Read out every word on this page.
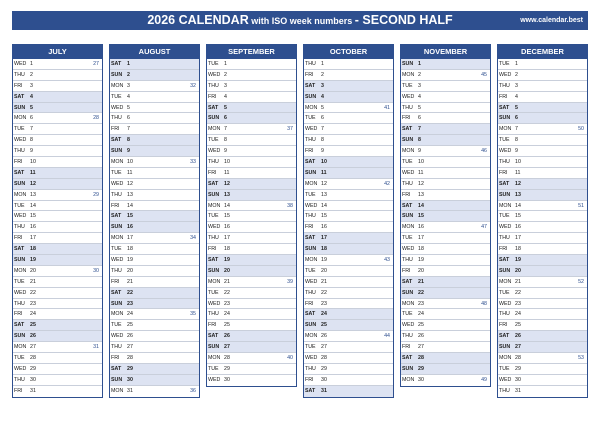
2026 CALENDAR with ISO week numbers - SECOND HALF	www.calendar.best
JULY
WED 1	27
THU 2
FRI 3
SAT 4
SUN 5
MON 6	28
TUE 7
WED 8
THU 9
FRI 10
SAT 11
SUN 12
MON 13	29
TUE 14
WED 15
THU 16
FRI 17
SAT 18
SUN 19
MON 20	30
TUE 21
WED 22
THU 23
FRI 24
SAT 25
SUN 26
MON 27	31
TUE 28
WED 29
THU 30
FRI 31
AUGUST
SAT 1
SUN 2
MON 3	32
TUE 4
WED 5
THU 6
FRI 7
SAT 8
SUN 9
MON 10	33
TUE 11
WED 12
THU 13
FRI 14
SAT 15
SUN 16
MON 17	34
TUE 18
WED 19
THU 20
FRI 21
SAT 22
SUN 23
MON 24	35
TUE 25
WED 26
THU 27
FRI 28
SAT 29
SUN 30
MON 31	36
SEPTEMBER
TUE 1
WED 2
THU 3
FRI 4
SAT 5
SUN 6
MON 7	37
TUE 8
WED 9
THU 10
FRI 11
SAT 12
SUN 13
MON 14	38
TUE 15
WED 16
THU 17
FRI 18
SAT 19
SUN 20
MON 21	39
TUE 22
WED 23
THU 24
FRI 25
SAT 26
SUN 27
MON 28	40
TUE 29
WED 30
OCTOBER
THU 1
FRI 2
SAT 3
SUN 4
MON 5	41
TUE 6
WED 7
THU 8
FRI 9
SAT 10
SUN 11
MON 12	42
TUE 13
WED 14
THU 15
FRI 16
SAT 17
SUN 18
MON 19	43
TUE 20
WED 21
THU 22
FRI 23
SAT 24
SUN 25
MON 26	44
TUE 27
WED 28
THU 29
FRI 30
SAT 31
NOVEMBER
SUN 1
MON 2	45
TUE 3
WED 4
THU 5
FRI 6
SAT 7
SUN 8
MON 9	46
TUE 10
WED 11
THU 12
FRI 13
SAT 14
SUN 15
MON 16	47
TUE 17
WED 18
THU 19
FRI 20
SAT 21
SUN 22
MON 23	48
TUE 24
WED 25
THU 26
FRI 27
SAT 28
SUN 29
MON 30	49
DECEMBER
TUE 1
WED 2
THU 3
FRI 4
SAT 5
SUN 6
MON 7	50
TUE 8
WED 9
THU 10
FRI 11
SAT 12
SUN 13
MON 14	51
TUE 15
WED 16
THU 17
FRI 18
SAT 19
SUN 20
MON 21	52
TUE 22
WED 23
THU 24
FRI 25
SAT 26
SUN 27
MON 28	53
TUE 29
WED 30
THU 31
